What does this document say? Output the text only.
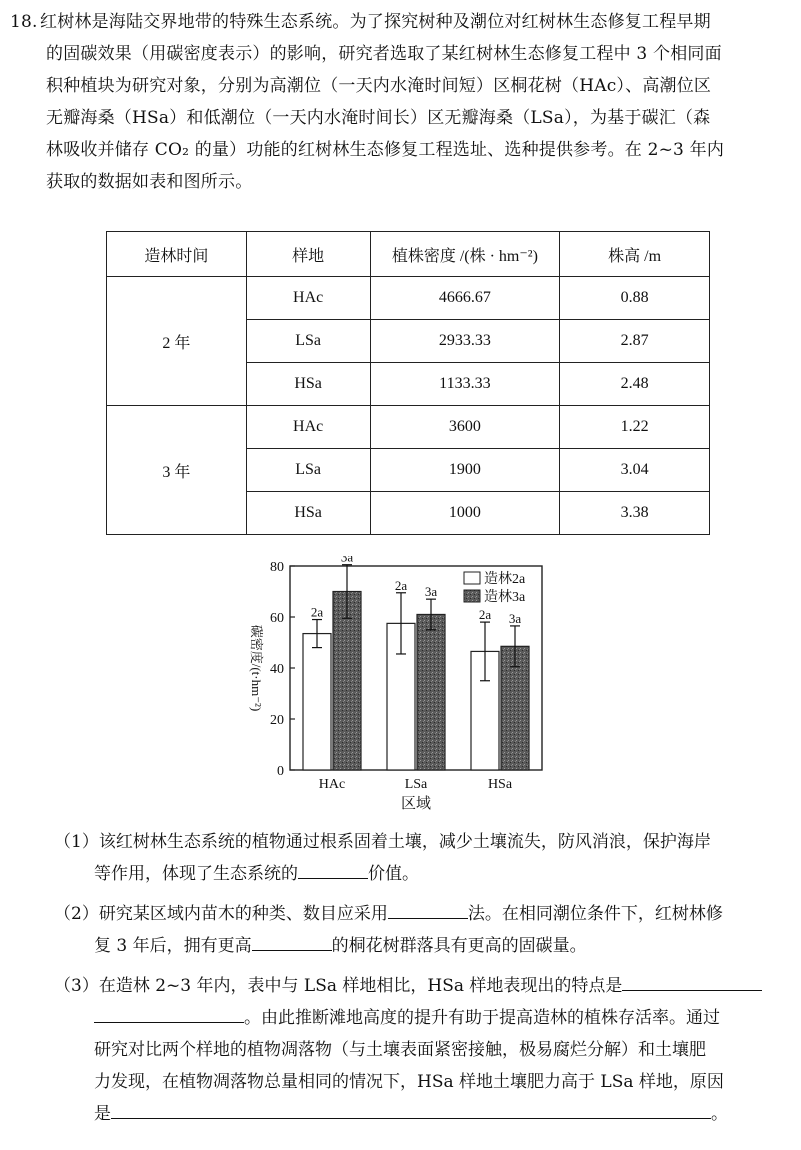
18. 红树林是海陆交界地带的特殊生态系统。为了探究树种及潮位对红树林生态修复工程早期
的固碳效果（用碳密度表示）的影响，研究者选取了某红树林生态修复工程中 3 个相同面
积种植块为研究对象，分别为高潮位（一天内水淹时间短）区桐花树（HAc）、高潮位区
无瓣海桑（HSa）和低潮位（一天内水淹时间长）区无瓣海桑（LSa），为基于碳汇（森
林吸收并储存 CO₂ 的量）功能的红树林生态修复工程选址、选种提供参考。在 2~3 年内
获取的数据如表和图所示。
造林时间	样地	植株密度 /(株 · hm⁻²)	株高 /m
2 年	HAc	4666.67	0.88
	LSa	2933.33	2.87
	HSa	1133.33	2.48
3 年	HAc	3600	1.22
	LSa	1900	3.04
	HSa	1000	3.38
0
20
40
60
80
碳密度/(t·hm⁻²)
2a
3a
HAc
2a 3a
LSa
2a 3a
HSa
区域
造林2a
造林3a
（1）该红树林生态系统的植物通过根系固着土壤，减少土壤流失，防风消浪，保护海岸
等作用，体现了生态系统的	价值。
（2）研究某区域内苗木的种类、数目应采用	法。在相同潮位条件下，红树林修
复 3 年后，拥有更高	的桐花树群落具有更高的固碳量。
（3）在造林 2~3 年内，表中与 LSa 样地相比，HSa 样地表现出的特点是
。由此推断滩地高度的提升有助于提高造林的植株存活率。通过
研究对比两个样地的植物凋落物（与土壤表面紧密接触，极易腐烂分解）和土壤肥
力发现，在植物凋落物总量相同的情况下，HSa 样地土壤肥力高于 LSa 样地，原因
是	。
